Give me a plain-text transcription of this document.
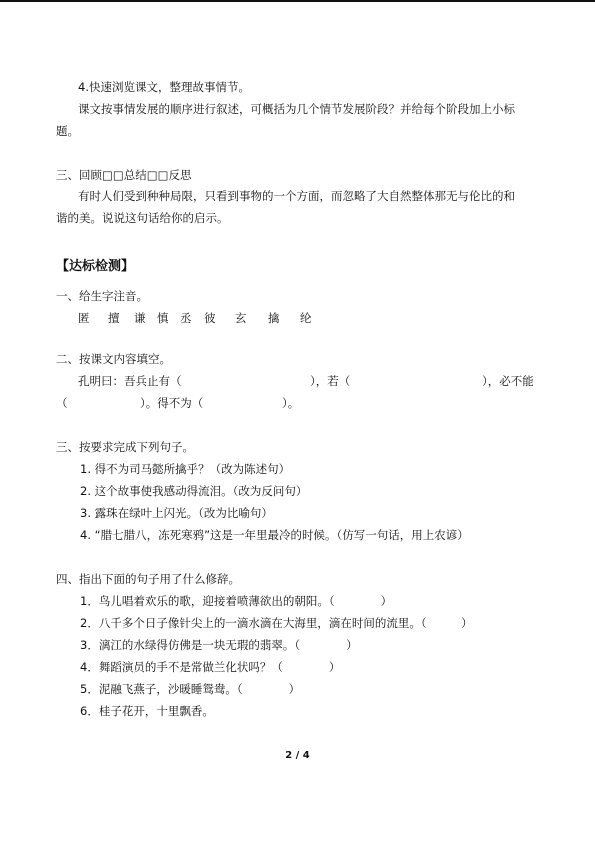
4.快速浏览课文，整理故事情节。
课文按事情发展的顺序进行叙述，可概括为几个情节发展阶段？并给每个阶段加上小标
题。
三、回顾□□总结□□反思
有时人们受到种种局限，只看到事物的一个方面，而忽略了大自然整体那无与伦比的和
谐的美。说说这句话给你的启示。
【达标检测】
一、给生字注音。
匿 擅 谦 慎 丞 彼 玄 擒 纶
二、按课文内容填空。
孔明曰：吾兵止有（	），若（	），必不能
（	）。得不为（	）。
三、按要求完成下列句子。
1. 得不为司马懿所擒乎？（改为陈述句）
2. 这个故事使我感动得流泪。（改为反问句）
3. 露珠在绿叶上闪光。（改为比喻句）
4. “腊七腊八，冻死寒鸦”这是一年里最冷的时候。（仿写一句话，用上农谚）
四、指出下面的句子用了什么修辞。
1．鸟儿唱着欢乐的歌，迎接着喷薄欲出的朝阳。（　　　　）
2．八千多个日子像针尖上的一滴水滴在大海里，滴在时间的流里。（　　　）
3．漓江的水绿得仿佛是一块无瑕的翡翠。（　　　　）
4．舞蹈演员的手不是常做兰化状吗？（　　　　）
5．泥融飞燕子，沙暖睡鸳鸯。（　　　　）
6．桂子花开，十里飘香。
2 / 4
